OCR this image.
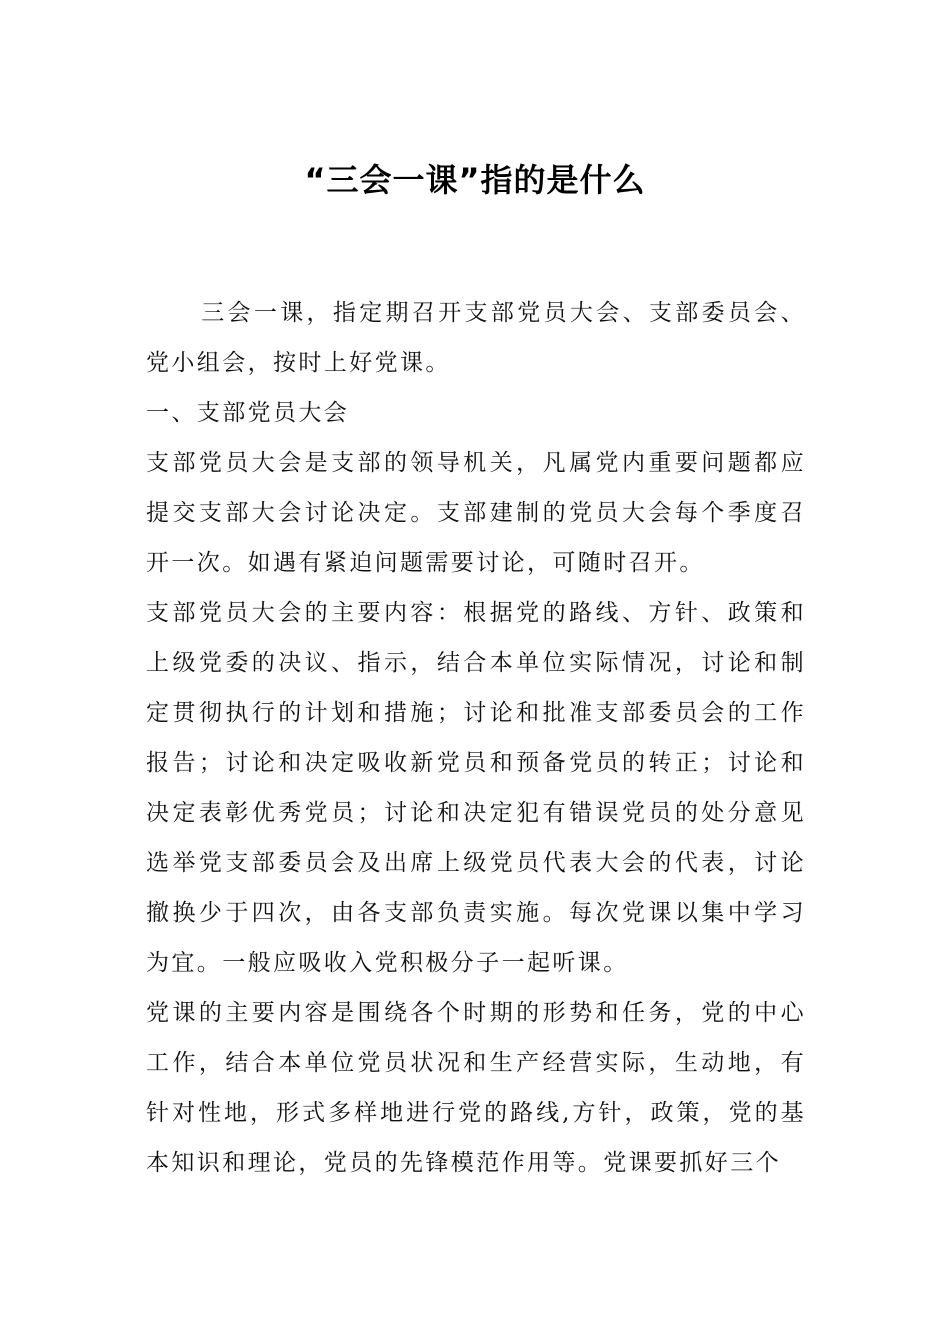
“三会一课”指的是什么

三会一课，指定期召开支部党员大会、支部委员会、党小组会，按时上好党课。

一、支部党员大会

支部党员大会是支部的领导机关，凡属党内重要问题都应提交支部大会讨论决定。支部建制的党员大会每个季度召开一次。如遇有紧迫问题需要讨论，可随时召开。

支部党员大会的主要内容：根据党的路线、方针、政策和上级党委的决议、指示，结合本单位实际情况，讨论和制定贯彻执行的计划和措施；讨论和批准支部委员会的工作报告；讨论和决定吸收新党员和预备党员的转正；讨论和决定表彰优秀党员；讨论和决定犯有错误党员的处分意见选举党支部委员会及出席上级党员代表大会的代表，讨论撤换少于四次，由各支部负责实施。每次党课以集中学习为宜。一般应吸收入党积极分子一起听课。

党课的主要内容是围绕各个时期的形势和任务，党的中心工作，结合本单位党员状况和生产经营实际，生动地，有针对性地，形式多样地进行党的路线,方针，政策，党的基本知识和理论，党员的先锋模范作用等。党课要抓好三个
